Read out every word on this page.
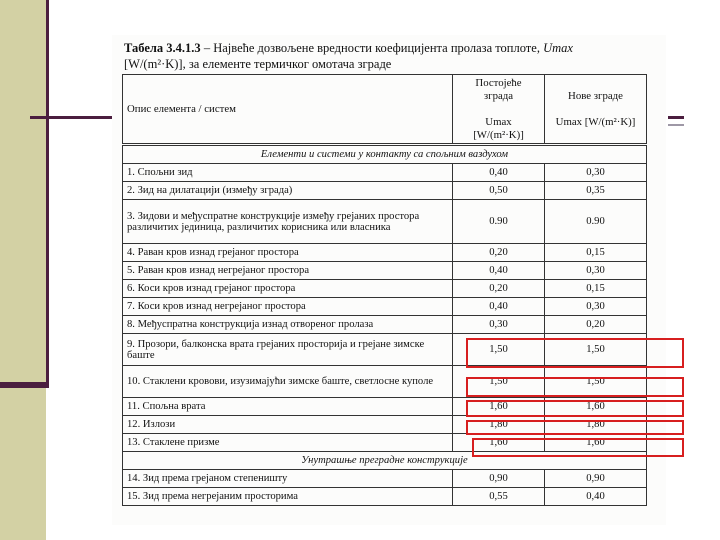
Табела 3.4.1.3 – Највеће дозвољене вредности коефицијента пролаза топлоте, Umax
[W/(m²·K)], за елементе термичког омотача зграде
Опис елемента / систем	Постојеће
зграда

Umax
[W/(m²·K)]	Нове зграде

Umax [W/(m²·K)]
Елементи и системи у контакту са спољним ваздухом		
1. Спољни зид	0,40	0,30
2. Зид на дилатацији (између зграда)	0,50	0,35
3. Зидови и међуспратне конструкције између грејаних простора различитих јединица, различитих корисника или власника	0.90	0.90
4. Раван кров изнад грејаног простора	0,20	0,15
5. Раван кров изнад негрејаног простора	0,40	0,30
6. Коси кров изнад грејаног простора	0,20	0,15
7. Коси кров изнад негрејаног простора	0,40	0,30
8. Међуспратна конструкција изнад отвореног пролаза	0,30	0,20
9. Прозори, балконска врата грејаних просторија и грејане зимске баште	1,50	1,50
10. Стаклени кровови, изузимајући зимске баште, светлосне куполе	1,50	1,50
11. Спољна врата	1,60	1,60
12. Излози	1,80	1,80
13. Стаклене призме	1,60	1,60
Унутрашње преградне конструкције		
14. Зид према грејаном степеништу	0,90	0,90
15. Зид према негрејаним просторима	0,55	0,40
